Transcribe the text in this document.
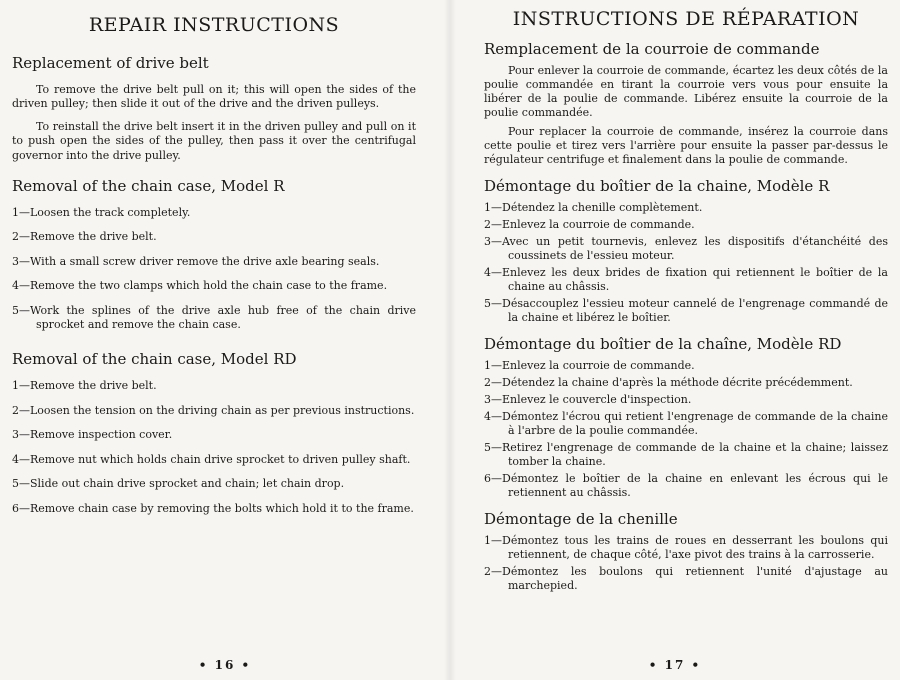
REPAIR INSTRUCTIONS
Replacement of drive belt

To remove the drive belt pull on it; this will open the sides of the driven pulley; then slide it out of the drive and the driven pulleys.

To reinstall the drive belt insert it in the driven pulley and pull on it to push open the sides of the pulley, then pass it over the centrifugal governor into the drive pulley.

Removal of the chain case, Model R
1—Loosen the track completely.
2—Remove the drive belt.
3—With a small screw driver remove the drive axle bearing seals.
4—Remove the two clamps which hold the chain case to the frame.
5—Work the splines of the drive axle hub free of the chain drive sprocket and remove the chain case.
Removal of the chain case, Model RD
1—Remove the drive belt.
2—Loosen the tension on the driving chain as per previous instructions.
3—Remove inspection cover.
4—Remove nut which holds chain drive sprocket to driven pulley shaft.
5—Slide out chain drive sprocket and chain; let chain drop.
6—Remove chain case by removing the bolts which hold it to the frame.
• 16 •
INSTRUCTIONS DE RÉPARATION
Remplacement de la courroie de commande

Pour enlever la courroie de commande, écartez les deux côtés de la poulie commandée en tirant la courroie vers vous pour ensuite la libérer de la poulie de commande. Libérez ensuite la courroie de la poulie commandée.

Pour replacer la courroie de commande, insérez la courroie dans cette poulie et tirez vers l'arrière pour ensuite la passer par-dessus le régulateur centrifuge et finalement dans la poulie de commande.

Démontage du boîtier de la chaine, Modèle R
1—Détendez la chenille complètement.
2—Enlevez la courroie de commande.
3—Avec un petit tournevis, enlevez les dispositifs d'étanchéité des coussinets de l'essieu moteur.
4—Enlevez les deux brides de fixation qui retiennent le boîtier de la chaine au châssis.
5—Désaccouplez l'essieu moteur cannelé de l'engrenage commandé de la chaine et libérez le boîtier.
Démontage du boîtier de la chaîne, Modèle RD
1—Enlevez la courroie de commande.
2—Détendez la chaine d'après la méthode décrite précédemment.
3—Enlevez le couvercle d'inspection.
4—Démontez l'écrou qui retient l'engrenage de commande de la chaine à l'arbre de la poulie commandée.
5—Retirez l'engrenage de commande de la chaine et la chaine; laissez tomber la chaine.
6—Démontez le boîtier de la chaine en enlevant les écrous qui le retiennent au châssis.
Démontage de la chenille
1—Démontez tous les trains de roues en desserrant les boulons qui retiennent, de chaque côté, l'axe pivot des trains à la carrosserie.
2—Démontez les boulons qui retiennent l'unité d'ajustage au marchepied.
• 17 •
